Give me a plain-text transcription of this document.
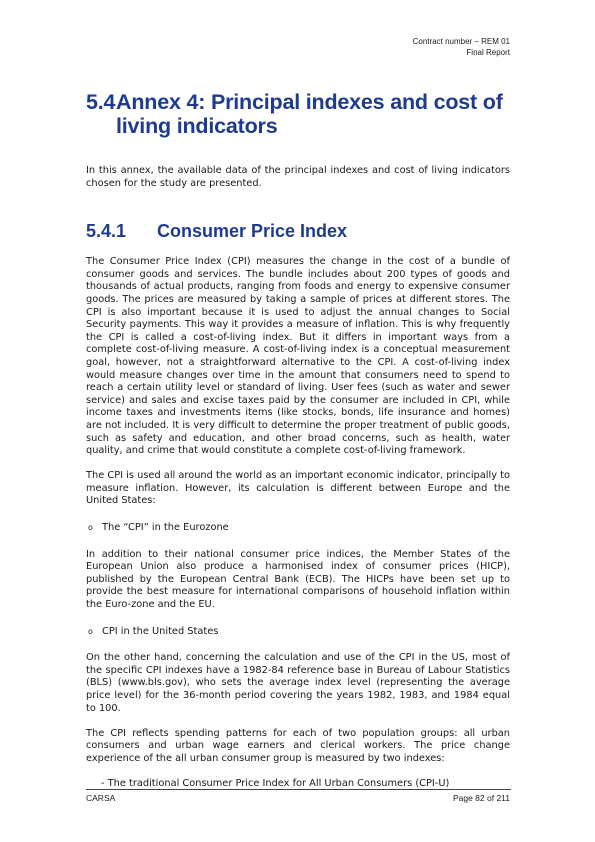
Contract number – REM 01
Final Report
5.4Annex 4: Principal indexes and cost of
living indicators

In this annex, the available data of the principal indexes and cost of living indicators chosen for the study are presented.

5.4.1 Consumer Price Index

The Consumer Price Index (CPI) measures the change in the cost of a bundle of consumer goods and services. The bundle includes about 200 types of goods and thousands of actual products, ranging from foods and energy to expensive consumer goods. The prices are measured by taking a sample of prices at different stores. The CPI is also important because it is used to adjust the annual changes to Social Security payments. This way it provides a measure of inflation. This is why frequently the CPI is called a cost-of-living index. But it differs in important ways from a complete cost-of-living measure. A cost-of-living index is a conceptual measurement goal, however, not a straightforward alternative to the CPI. A cost-of-living index would measure changes over time in the amount that consumers need to spend to reach a certain utility level or standard of living. User fees (such as water and sewer service) and sales and excise taxes paid by the consumer are included in CPI, while income taxes and investments items (like stocks, bonds, life insurance and homes) are not included. It is very difficult to determine the proper treatment of public goods, such as safety and education, and other broad concerns, such as health, water quality, and crime that would constitute a complete cost-of-living framework.

The CPI is used all around the world as an important economic indicator, principally to measure inflation. However, its calculation is different between Europe and the United States:

o The “CPI” in the Eurozone

In addition to their national consumer price indices, the Member States of the European Union also produce a harmonised index of consumer prices (HICP), published by the European Central Bank (ECB). The HICPs have been set up to provide the best measure for international comparisons of household inflation within the Euro-zone and the EU.

o CPI in the United States

On the other hand, concerning the calculation and use of the CPI in the US, most of the specific CPI indexes have a 1982-84 reference base in Bureau of Labour Statistics (BLS) (www.bls.gov), who sets the average index level (representing the average price level) for the 36-month period covering the years 1982, 1983, and 1984 equal to 100.

The CPI reflects spending patterns for each of two population groups: all urban consumers and urban wage earners and clerical workers. The price change experience of the all urban consumer group is measured by two indexes:

- The traditional Consumer Price Index for All Urban Consumers (CPI-U)
CARSA	Page 82 of 211
